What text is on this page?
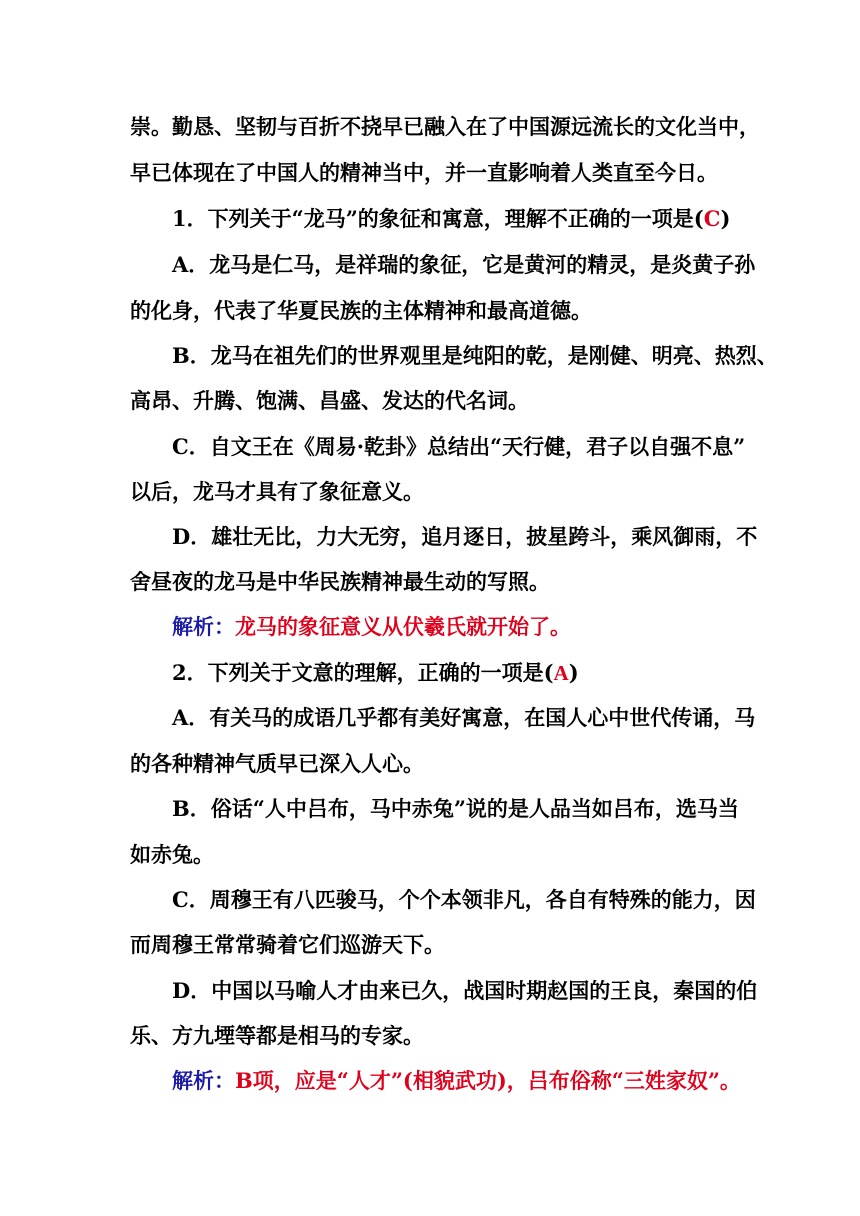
崇。勤恳、坚韧与百折不挠早已融入在了中国源远流长的文化当中，
早已体现在了中国人的精神当中，并一直影响着人类直至今日。
1．下列关于“龙马”的象征和寓意，理解不正确的一项是(C)
A．龙马是仁马，是祥瑞的象征，它是黄河的精灵，是炎黄子孙
的化身，代表了华夏民族的主体精神和最高道德。
B．龙马在祖先们的世界观里是纯阳的乾，是刚健、明亮、热烈、
高昂、升腾、饱满、昌盛、发达的代名词。
C．自文王在《周易·乾卦》总结出“天行健，君子以自强不息”
以后，龙马才具有了象征意义。
D．雄壮无比，力大无穷，追月逐日，披星跨斗，乘风御雨，不
舍昼夜的龙马是中华民族精神最生动的写照。
解析：龙马的象征意义从伏羲氏就开始了。
2．下列关于文意的理解，正确的一项是(A)
A．有关马的成语几乎都有美好寓意，在国人心中世代传诵，马
的各种精神气质早已深入人心。
B．俗话“人中吕布，马中赤兔”说的是人品当如吕布，选马当
如赤兔。
C．周穆王有八匹骏马，个个本领非凡，各自有特殊的能力，因
而周穆王常常骑着它们巡游天下。
D．中国以马喻人才由来已久，战国时期赵国的王良，秦国的伯
乐、方九堙等都是相马的专家。
解析：B项，应是“人才”(相貌武功)，吕布俗称“三姓家奴”。
